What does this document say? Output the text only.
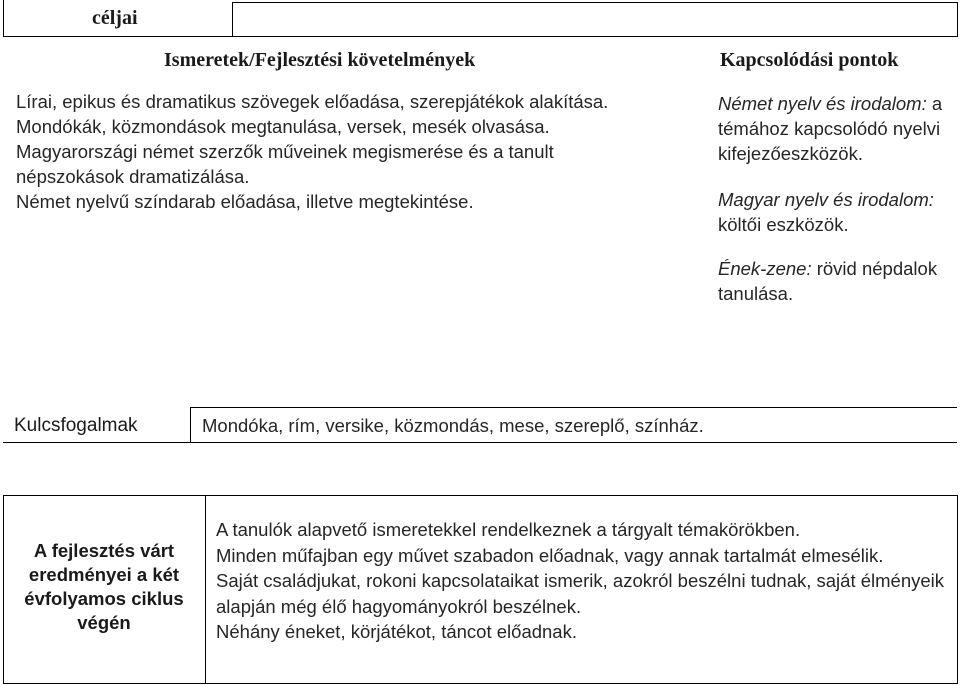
céljai
Ismeretek/Fejlesztési követelmények	Kapcsolódási pontok

Lírai, epikus és dramatikus szövegek előadása, szerepjátékok alakítása.

Mondókák, közmondások megtanulása, versek, mesék olvasása.

Magyarországi német szerzők műveinek megismerése és a tanult népszokások dramatizálása.

Német nyelvű színdarab előadása, illetve megtekintése.

Német nyelv és irodalom: a témához kapcsolódó nyelvi kifejezőeszközök.

Magyar nyelv és irodalom: költői eszközök.

Ének-zene: rövid népdalok tanulása.

Kulcsfogalmak	Mondóka, rím, versike, közmondás, mese, szereplő, színház.
A fejlesztés várt eredményei a két évfolyamos ciklus végén

A tanulók alapvető ismeretekkel rendelkeznek a tárgyalt témakörökben.

Minden műfajban egy művet szabadon előadnak, vagy annak tartalmát elmesélik.

Saját családjukat, rokoni kapcsolataikat ismerik, azokról beszélni tudnak, saját élményeik alapján még élő hagyományokról beszélnek.

Néhány éneket, körjátékot, táncot előadnak.
